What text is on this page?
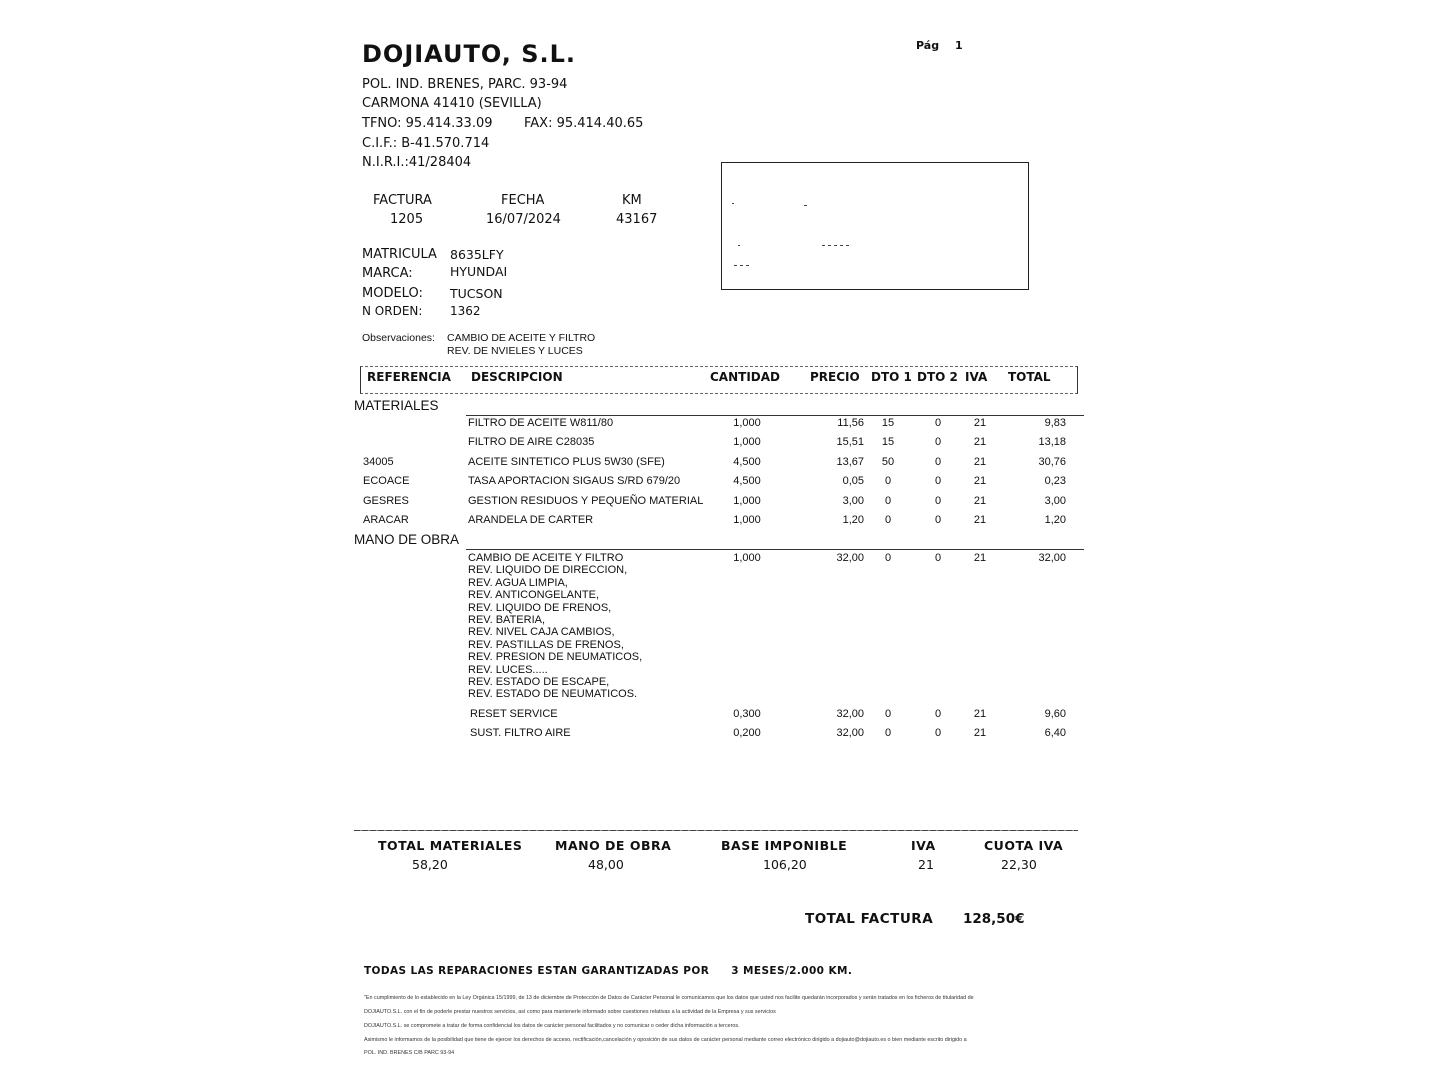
DOJIAUTO, S.L.	Pág 1
POL. IND. BRENES, PARC. 93-94
CARMONA 41410 (SEVILLA)
TFNO: 95.414.33.09 FAX: 95.414.40.65
C.I.F.: B-41.570.714
N.I.R.I.:41/28404
FACTURA
1205
FECHA
16/07/2024
KM
43167
MATRICULA 8635LFY
MARCA:	HYUNDAI
MODELO: TUCSON
N ORDEN: 1362
Observaciones: CAMBIO DE ACEITE Y FILTRO
REV. DE NVIELES Y LUCES
REFERENCIA DESCRIPCION	CANTIDAD	PRECIO DTO 1 DTO 2 IVA TOTAL
MATERIALES
FILTRO DE ACEITE W811/80	1,000	11,56	15	0	21	9,83
FILTRO DE AIRE C28035	1,000	15,51	15	0	21	13,18
34005	ACEITE SINTETICO PLUS 5W30 (SFE)	4,500	13,67	50	0	21	30,76
ECOACE	TASA APORTACION SIGAUS S/RD 679/20	4,500	0,05	0	0	21	0,23
GESRES	GESTION RESIDUOS Y PEQUEÑO MATERIAL	1,000	3,00	0	0	21	3,00
ARACAR	ARANDELA DE CARTER	1,000	1,20	0	0	21	1,20
MANO DE OBRA
CAMBIO DE ACEITE Y FILTRO
REV. LIQUIDO DE DIRECCION,
REV. AGUA LIMPIA,
REV. ANTICONGELANTE,
REV. LIQUIDO DE FRENOS,
REV. BATERIA,
REV. NIVEL CAJA CAMBIOS,
REV. PASTILLAS DE FRENOS,
REV. PRESION DE NEUMATICOS,
REV. LUCES.....
REV. ESTADO DE ESCAPE,
REV. ESTADO DE NEUMATICOS.
1,000	32,00	0	0	21	32,00
RESET SERVICE	0,300	32,00	0	0	21	9,60
SUST. FILTRO AIRE	0,200	32,00	0	0	21	6,40
TOTAL MATERIALES
58,20
MANO DE OBRA
48,00
BASE IMPONIBLE
106,20
IVA
21
CUOTA IVA
22,30
TOTAL FACTURA 128,50€
TODAS LAS REPARACIONES ESTAN GARANTIZADAS POR 3 MESES/2.000 KM.
"En cumplimiento de lo establecido en la Ley Orgánica 15/1999, de 13 de diciembre de Protección de Datos de Carácter Personal le comunicamos que los datos que usted nos facilite quedarán incorporados y serán tratados en los ficheros de titularidad de
DOJIAUTO.S.L. con el fin de poderle prestar nuestros servicios, así como para mantenerle informado sobre cuestiones relativas a la actividad de la Empresa y sus servicios
DOJIAUTO.S.L. se compromete a tratar de forma confidencial los datos de carácter personal facilitados y no comunicar o ceder dicha información a terceros.
Asimismo le informamos de la posibilidad que tiene de ejercer los derechos de acceso, rectificación,cancelación y oposición de sus datos de carácter personal mediante correo electrónico dirigido a dojiauto@dojiauto.es o bien mediante escrito dirigido a
POL. IND. BRENES C/B PARC 93-94
